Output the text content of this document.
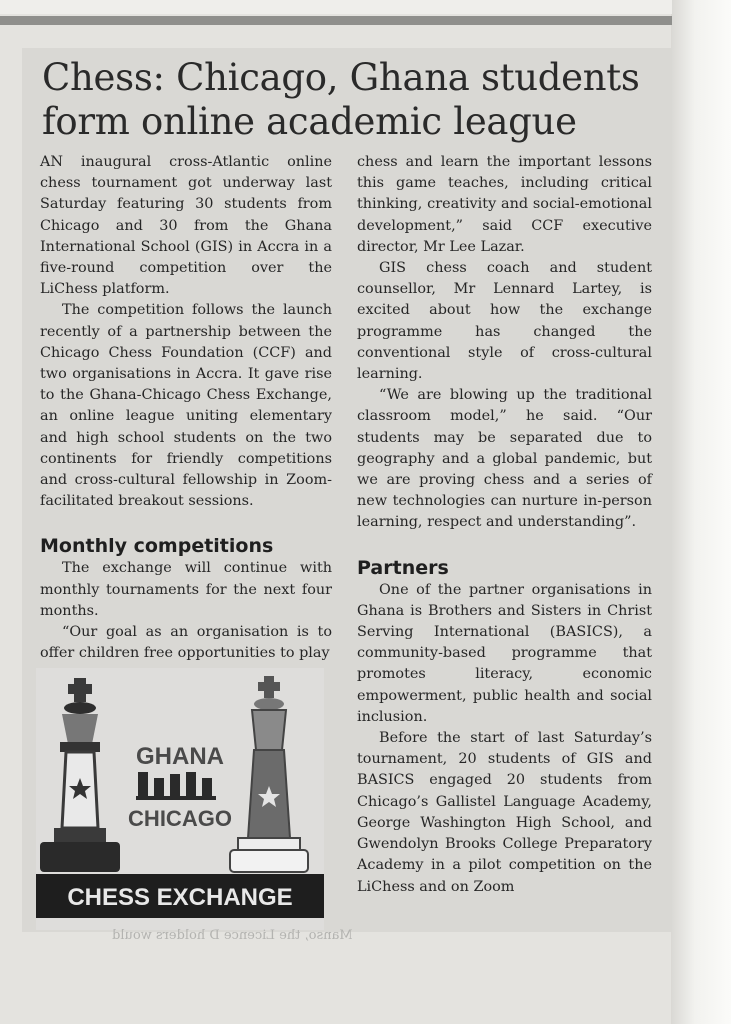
Chess: Chicago, Ghana students form online academic league

AN inaugural cross-Atlantic online chess tournament got underway last Saturday featuring 30 students from Chicago and 30 from the Ghana International School (GIS) in Accra in a five-round competition over the LiChess platform.

The competition follows the launch recently of a partnership between the Chicago Chess Foundation (CCF) and two organisations in Accra. It gave rise to the Ghana-Chicago Chess Exchange, an online league uniting elementary and high school students on the two continents for friendly competitions and cross-cultural fellowship in Zoom-facilitated breakout sessions.

Monthly competitions

The exchange will continue with monthly tournaments for the next four months.

“Our goal as an organisation is to offer children free opportunities to play

chess and learn the important lessons this game teaches, including critical thinking, creativity and social-emotional development,” said CCF executive director, Mr Lee Lazar.

GIS chess coach and student counsellor, Mr Lennard Lartey, is excited about how the exchange programme has changed the conventional style of cross-cultural learning.

“We are blowing up the traditional classroom model,” he said. “Our students may be separated due to geography and a global pandemic, but we are proving chess and a series of new technologies can nurture in-person learning, respect and understanding”.

Partners

One of the partner organisations in Ghana is Brothers and Sisters in Christ Serving International (BASICS), a community-based programme that promotes literacy, economic empowerment, public health and social inclusion.

Before the start of last Saturday’s tournament, 20 students of GIS and BASICS engaged 20 students from Chicago’s Gallistel Language Academy, George Washington High School, and Gwendolyn Brooks College Preparatory Academy in a pilot competition on the LiChess and on Zoom

GHANA
CHICAGO
CHESS EXCHANGE
Manso, the Licence D holders would
